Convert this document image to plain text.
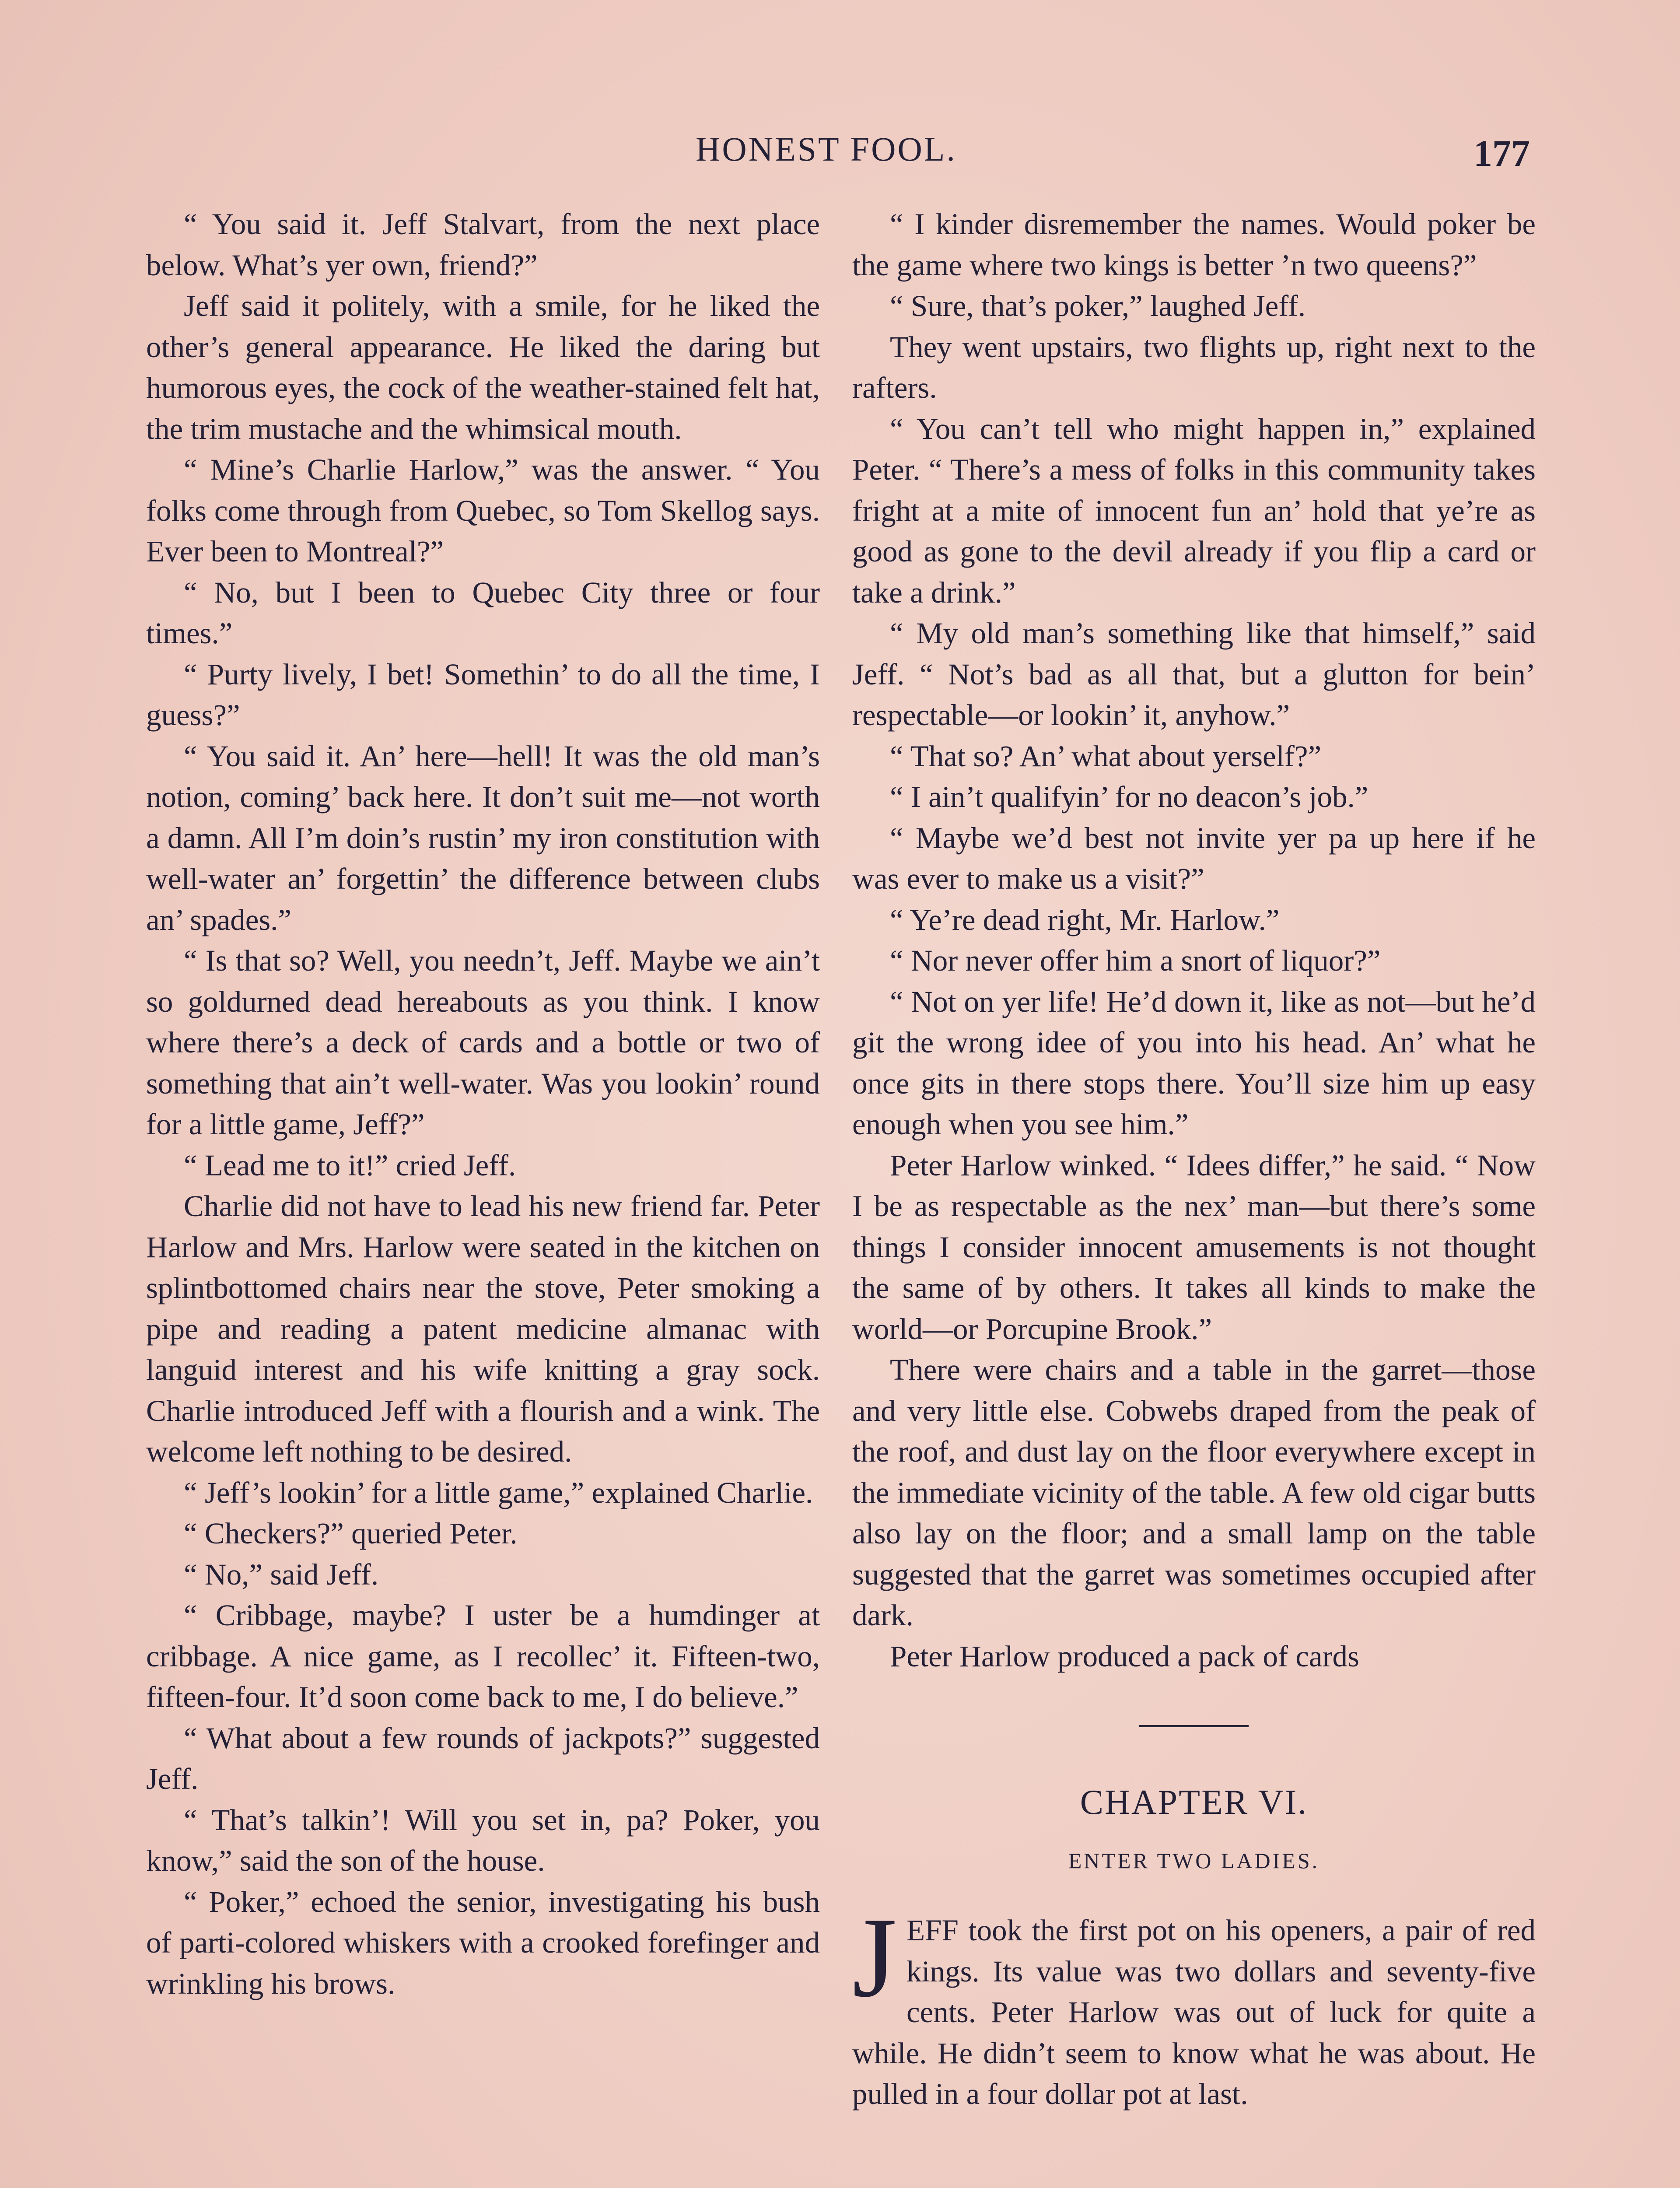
HONEST FOOL.	177

“ You said it. Jeff Stalvart, from the next place below. What’s yer own, friend?”

Jeff said it politely, with a smile, for he liked the other’s general appearance. He liked the daring but humorous eyes, the cock of the weather-stained felt hat, the trim mustache and the whimsical mouth.

“ Mine’s Charlie Harlow,” was the answer. “ You folks come through from Quebec, so Tom Skellog says. Ever been to Montreal?”

“ No, but I been to Quebec City three or four times.”

“ Purty lively, I bet! Somethin’ to do all the time, I guess?”

“ You said it. An’ here—hell! It was the old man’s notion, coming’ back here. It don’t suit me—not worth a damn. All I’m doin’s rustin’ my iron constitution with well-water an’ forgettin’ the difference between clubs an’ spades.”

“ Is that so? Well, you needn’t, Jeff. Maybe we ain’t so goldurned dead hereabouts as you think. I know where there’s a deck of cards and a bottle or two of something that ain’t well-water. Was you lookin’ round for a little game, Jeff?”

“ Lead me to it!” cried Jeff.

Charlie did not have to lead his new friend far. Peter Harlow and Mrs. Harlow were seated in the kitchen on splintbottomed chairs near the stove, Peter smoking a pipe and reading a patent medicine almanac with languid interest and his wife knitting a gray sock. Charlie introduced Jeff with a flourish and a wink. The welcome left nothing to be desired.

“ Jeff’s lookin’ for a little game,” explained Charlie.

“ Checkers?” queried Peter.

“ No,” said Jeff.

“ Cribbage, maybe? I uster be a humdinger at cribbage. A nice game, as I recollec’ it. Fifteen-two, fifteen-four. It’d soon come back to me, I do believe.”

“ What about a few rounds of jackpots?” suggested Jeff.

“ That’s talkin’! Will you set in, pa? Poker, you know,” said the son of the house.

“ Poker,” echoed the senior, investigating his bush of parti-colored whiskers with a crooked forefinger and wrinkling his brows.

“ I kinder disremember the names. Would poker be the game where two kings is better ’n two queens?”

“ Sure, that’s poker,” laughed Jeff.

They went upstairs, two flights up, right next to the rafters.

“ You can’t tell who might happen in,” explained Peter. “ There’s a mess of folks in this community takes fright at a mite of innocent fun an’ hold that ye’re as good as gone to the devil already if you flip a card or take a drink.”

“ My old man’s something like that himself,” said Jeff. “ Not’s bad as all that, but a glutton for bein’ respectable—or lookin’ it, anyhow.”

“ That so? An’ what about yerself?”

“ I ain’t qualifyin’ for no deacon’s job.”

“ Maybe we’d best not invite yer pa up here if he was ever to make us a visit?”

“ Ye’re dead right, Mr. Harlow.”

“ Nor never offer him a snort of liquor?”

“ Not on yer life! He’d down it, like as not—but he’d git the wrong idee of you into his head. An’ what he once gits in there stops there. You’ll size him up easy enough when you see him.”

Peter Harlow winked. “ Idees differ,” he said. “ Now I be as respectable as the nex’ man—but there’s some things I consider innocent amusements is not thought the same of by others. It takes all kinds to make the world—or Porcupine Brook.”

There were chairs and a table in the garret—those and very little else. Cobwebs draped from the peak of the roof, and dust lay on the floor everywhere except in the immediate vicinity of the table. A few old cigar butts also lay on the floor; and a small lamp on the table suggested that the garret was sometimes occupied after dark.

Peter Harlow produced a pack of cards

CHAPTER VI.
ENTER TWO LADIES.
J EFF took the first pot on his openers, a pair of red kings. Its value was two dollars and seventy-five cents. Peter Harlow was out of luck for quite a while. He didn’t seem to know what he was about. He pulled in a four dollar pot at last.
